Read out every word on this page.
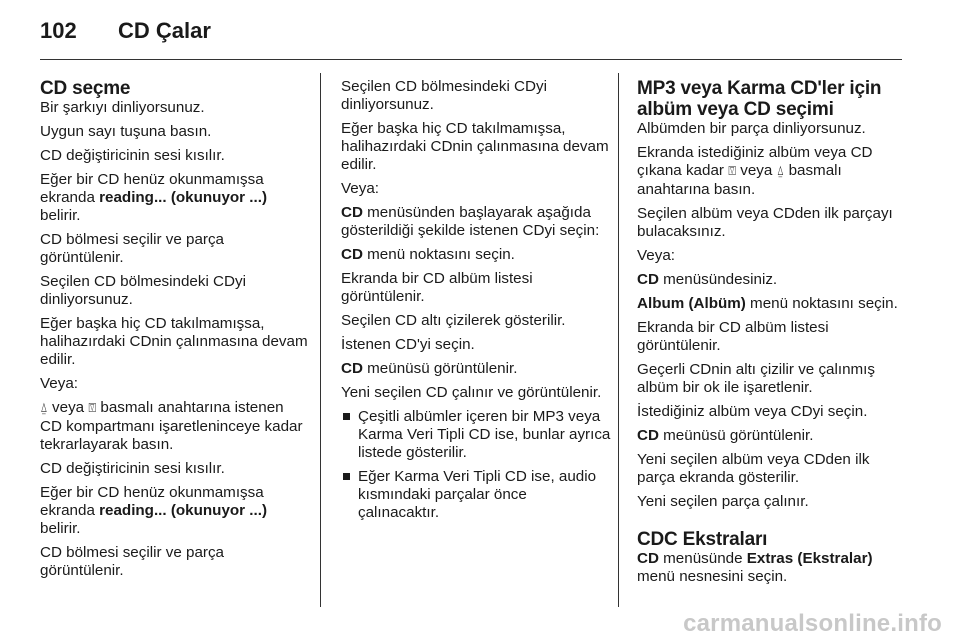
102 CD Çalar
CD seçme

Bir şarkıyı dinliyorsunuz.

Uygun sayı tuşuna basın.

CD değiştiricinin sesi kısılır.

Eğer bir CD henüz okunmamışsa ekranda reading... (okunuyor ...) belirir.

CD bölmesi seçilir ve parça görüntülenir.

Seçilen CD bölmesindeki CDyi dinliyorsunuz.

Eğer başka hiç CD takılmamışsa, halihazırdaki CDnin çalınmasına devam edilir.

Veya:

⍙ veya ⍔ basmalı anahtarına istenen CD kompartmanı işaretleninceye kadar tekrarlayarak basın.

CD değiştiricinin sesi kısılır.

Eğer bir CD henüz okunmamışsa ekranda reading... (okunuyor ...) belirir.

CD bölmesi seçilir ve parça görüntülenir.

Seçilen CD bölmesindeki CDyi dinliyorsunuz.

Eğer başka hiç CD takılmamışsa, halihazırdaki CDnin çalınmasına devam edilir.

Veya:

CD menüsünden başlayarak aşağıda gösterildiği şekilde istenen CDyi seçin:

CD menü noktasını seçin.

Ekranda bir CD albüm listesi görüntülenir.

Seçilen CD altı çizilerek gösterilir.

İstenen CD'yi seçin.

CD meünüsü görüntülenir.

Yeni seçilen CD çalınır ve görüntülenir.

Çeşitli albümler içeren bir MP3 veya Karma Veri Tipli CD ise, bunlar ayrıca listede gösterilir.
Eğer Karma Veri Tipli CD ise, audio kısmındaki parçalar önce çalınacaktır.
MP3 veya Karma CD'ler için albüm veya CD seçimi

Albümden bir parça dinliyorsunuz.

Ekranda istediğiniz albüm veya CD çıkana kadar ⍔ veya ⍙ basmalı anahtarına basın.

Seçilen albüm veya CDden ilk parçayı bulacaksınız.

Veya:

CD menüsündesiniz.

Album (Albüm) menü noktasını seçin.

Ekranda bir CD albüm listesi görüntülenir.

Geçerli CDnin altı çizilir ve çalınmış albüm bir ok ile işaretlenir.

İstediğiniz albüm veya CDyi seçin.

CD meünüsü görüntülenir.

Yeni seçilen albüm veya CDden ilk parça ekranda gösterilir.

Yeni seçilen parça çalınır.

CDC Ekstraları

CD menüsünde Extras (Ekstralar) menü nesnesini seçin.

carmanualsonline.info
